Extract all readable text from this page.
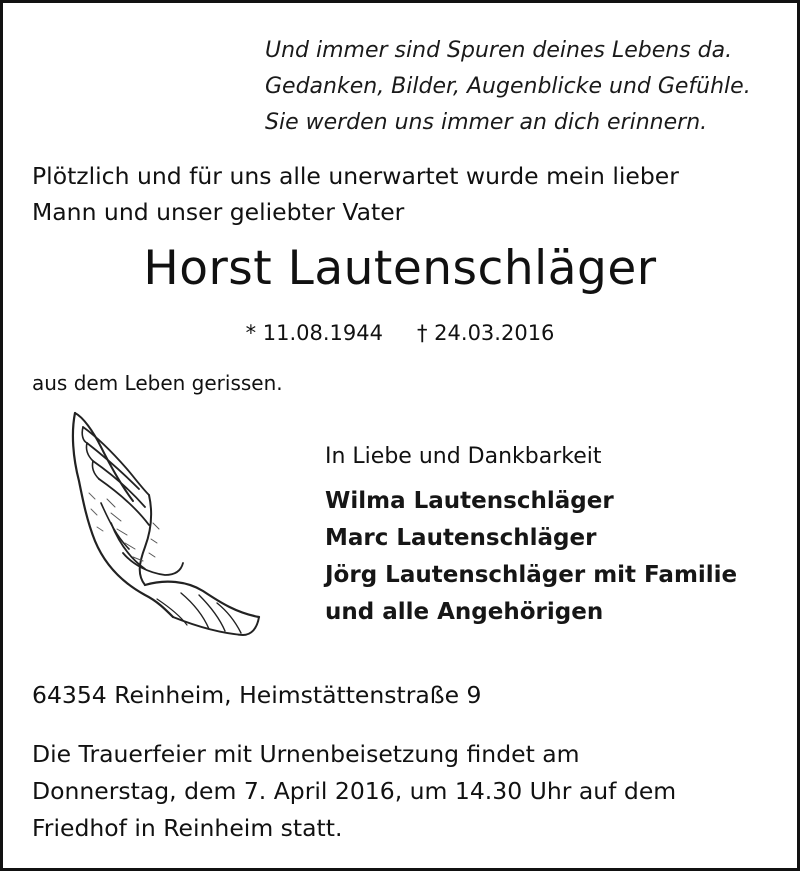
Und immer sind Spuren deines Lebens da.
Gedanken, Bilder, Augenblicke und Gefühle.
Sie werden uns immer an dich erinnern.
Plötzlich und für uns alle unerwartet wurde mein lieber
Mann und unser geliebter Vater
Horst Lautenschläger
* 11.08.1944 † 24.03.2016
aus dem Leben gerissen.
In Liebe und Dankbarkeit
Wilma Lautenschläger
Marc Lautenschläger
Jörg Lautenschläger mit Familie
und alle Angehörigen
64354 Reinheim, Heimstättenstraße 9
Die Trauerfeier mit Urnenbeisetzung findet am
Donnerstag, dem 7. April 2016, um 14.30 Uhr auf dem
Friedhof in Reinheim statt.
